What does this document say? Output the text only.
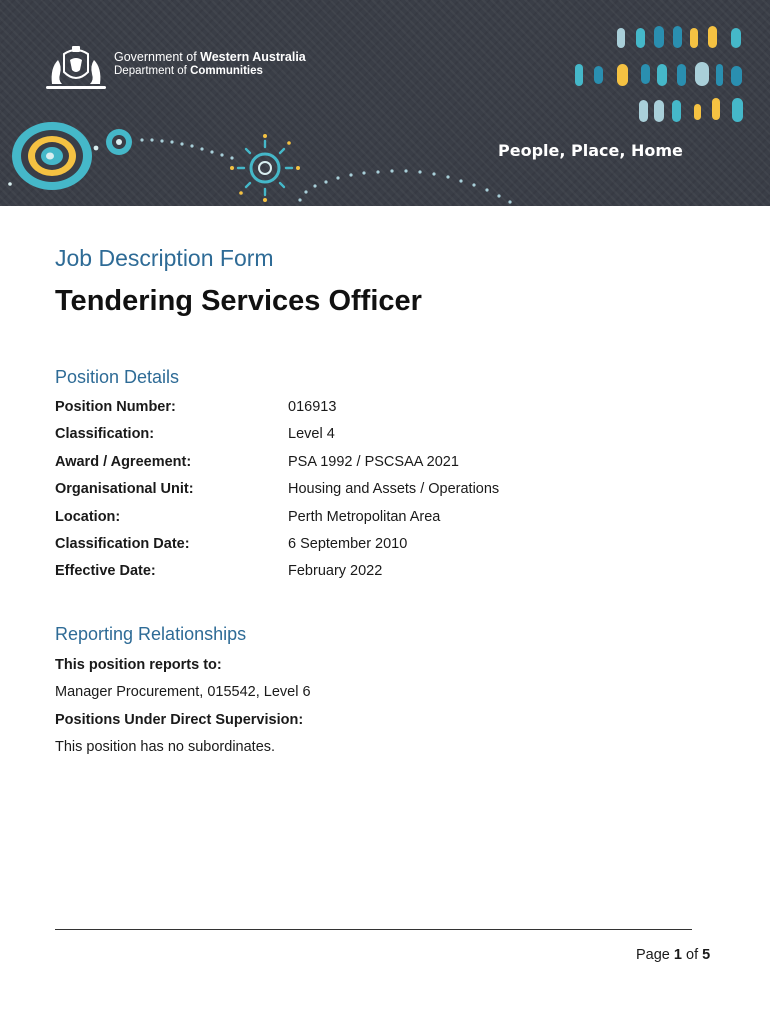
Government of Western Australia
Department of Communities
People, Place, Home
Job Description Form
Tendering Services Officer
Position Details
Position Number:	016913
Classification:	Level 4
Award / Agreement:	PSA 1992 / PSCSAA 2021
Organisational Unit:	Housing and Assets / Operations
Location:	Perth Metropolitan Area
Classification Date:	6 September 2010
Effective Date:	February 2022
Reporting Relationships
This position reports to:
Manager Procurement, 015542, Level 6
Positions Under Direct Supervision:
This position has no subordinates.
Page 1 of 5
